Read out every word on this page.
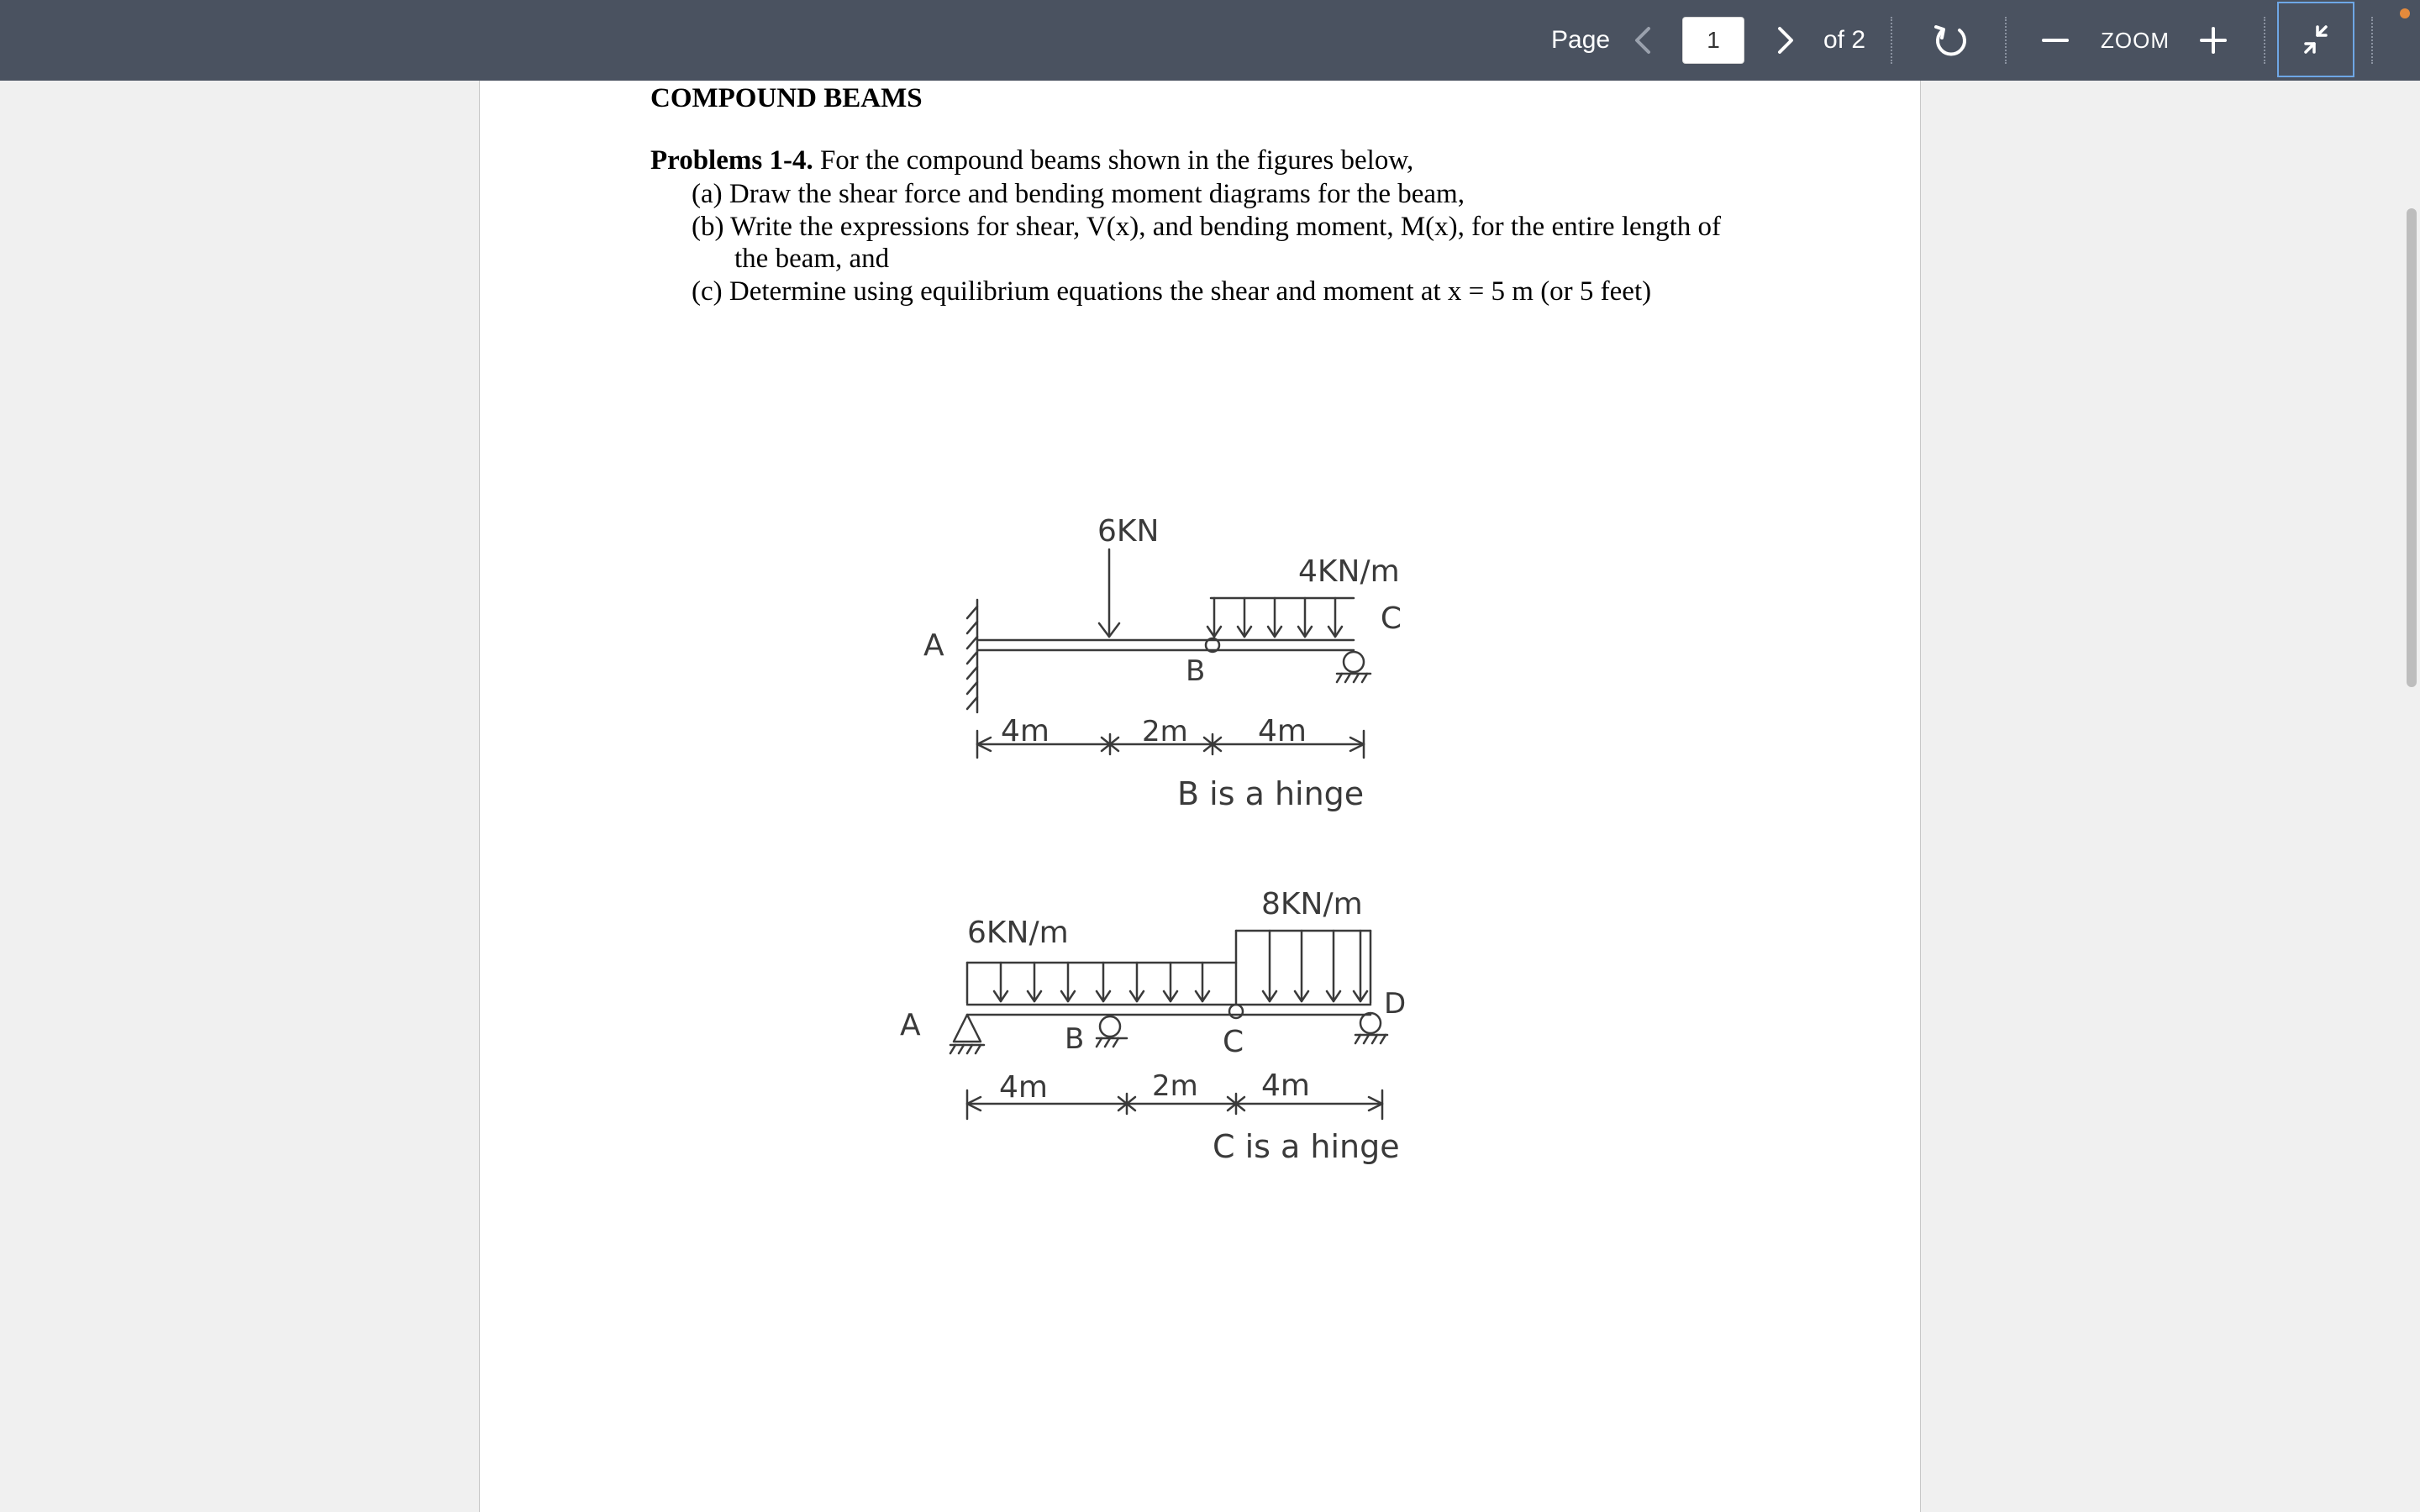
Page
1	of 2	ZOOM
COMPOUND BEAMS
Problems 1-4. For the compound beams shown in the figures below,
(a) Draw the shear force and bending moment diagrams for the beam,
(b) Write the expressions for shear, V(x), and bending moment, M(x), for the entire length of
the beam, and
(c) Determine using equilibrium equations the shear and moment at x = 5 m (or 5 feet)
6KN
4KN/m
C
A
B
4m	2m 4m
B is a hinge
6KN/m
8KN/m
A	B	C
D
4m	2m 4m
C is a hinge
